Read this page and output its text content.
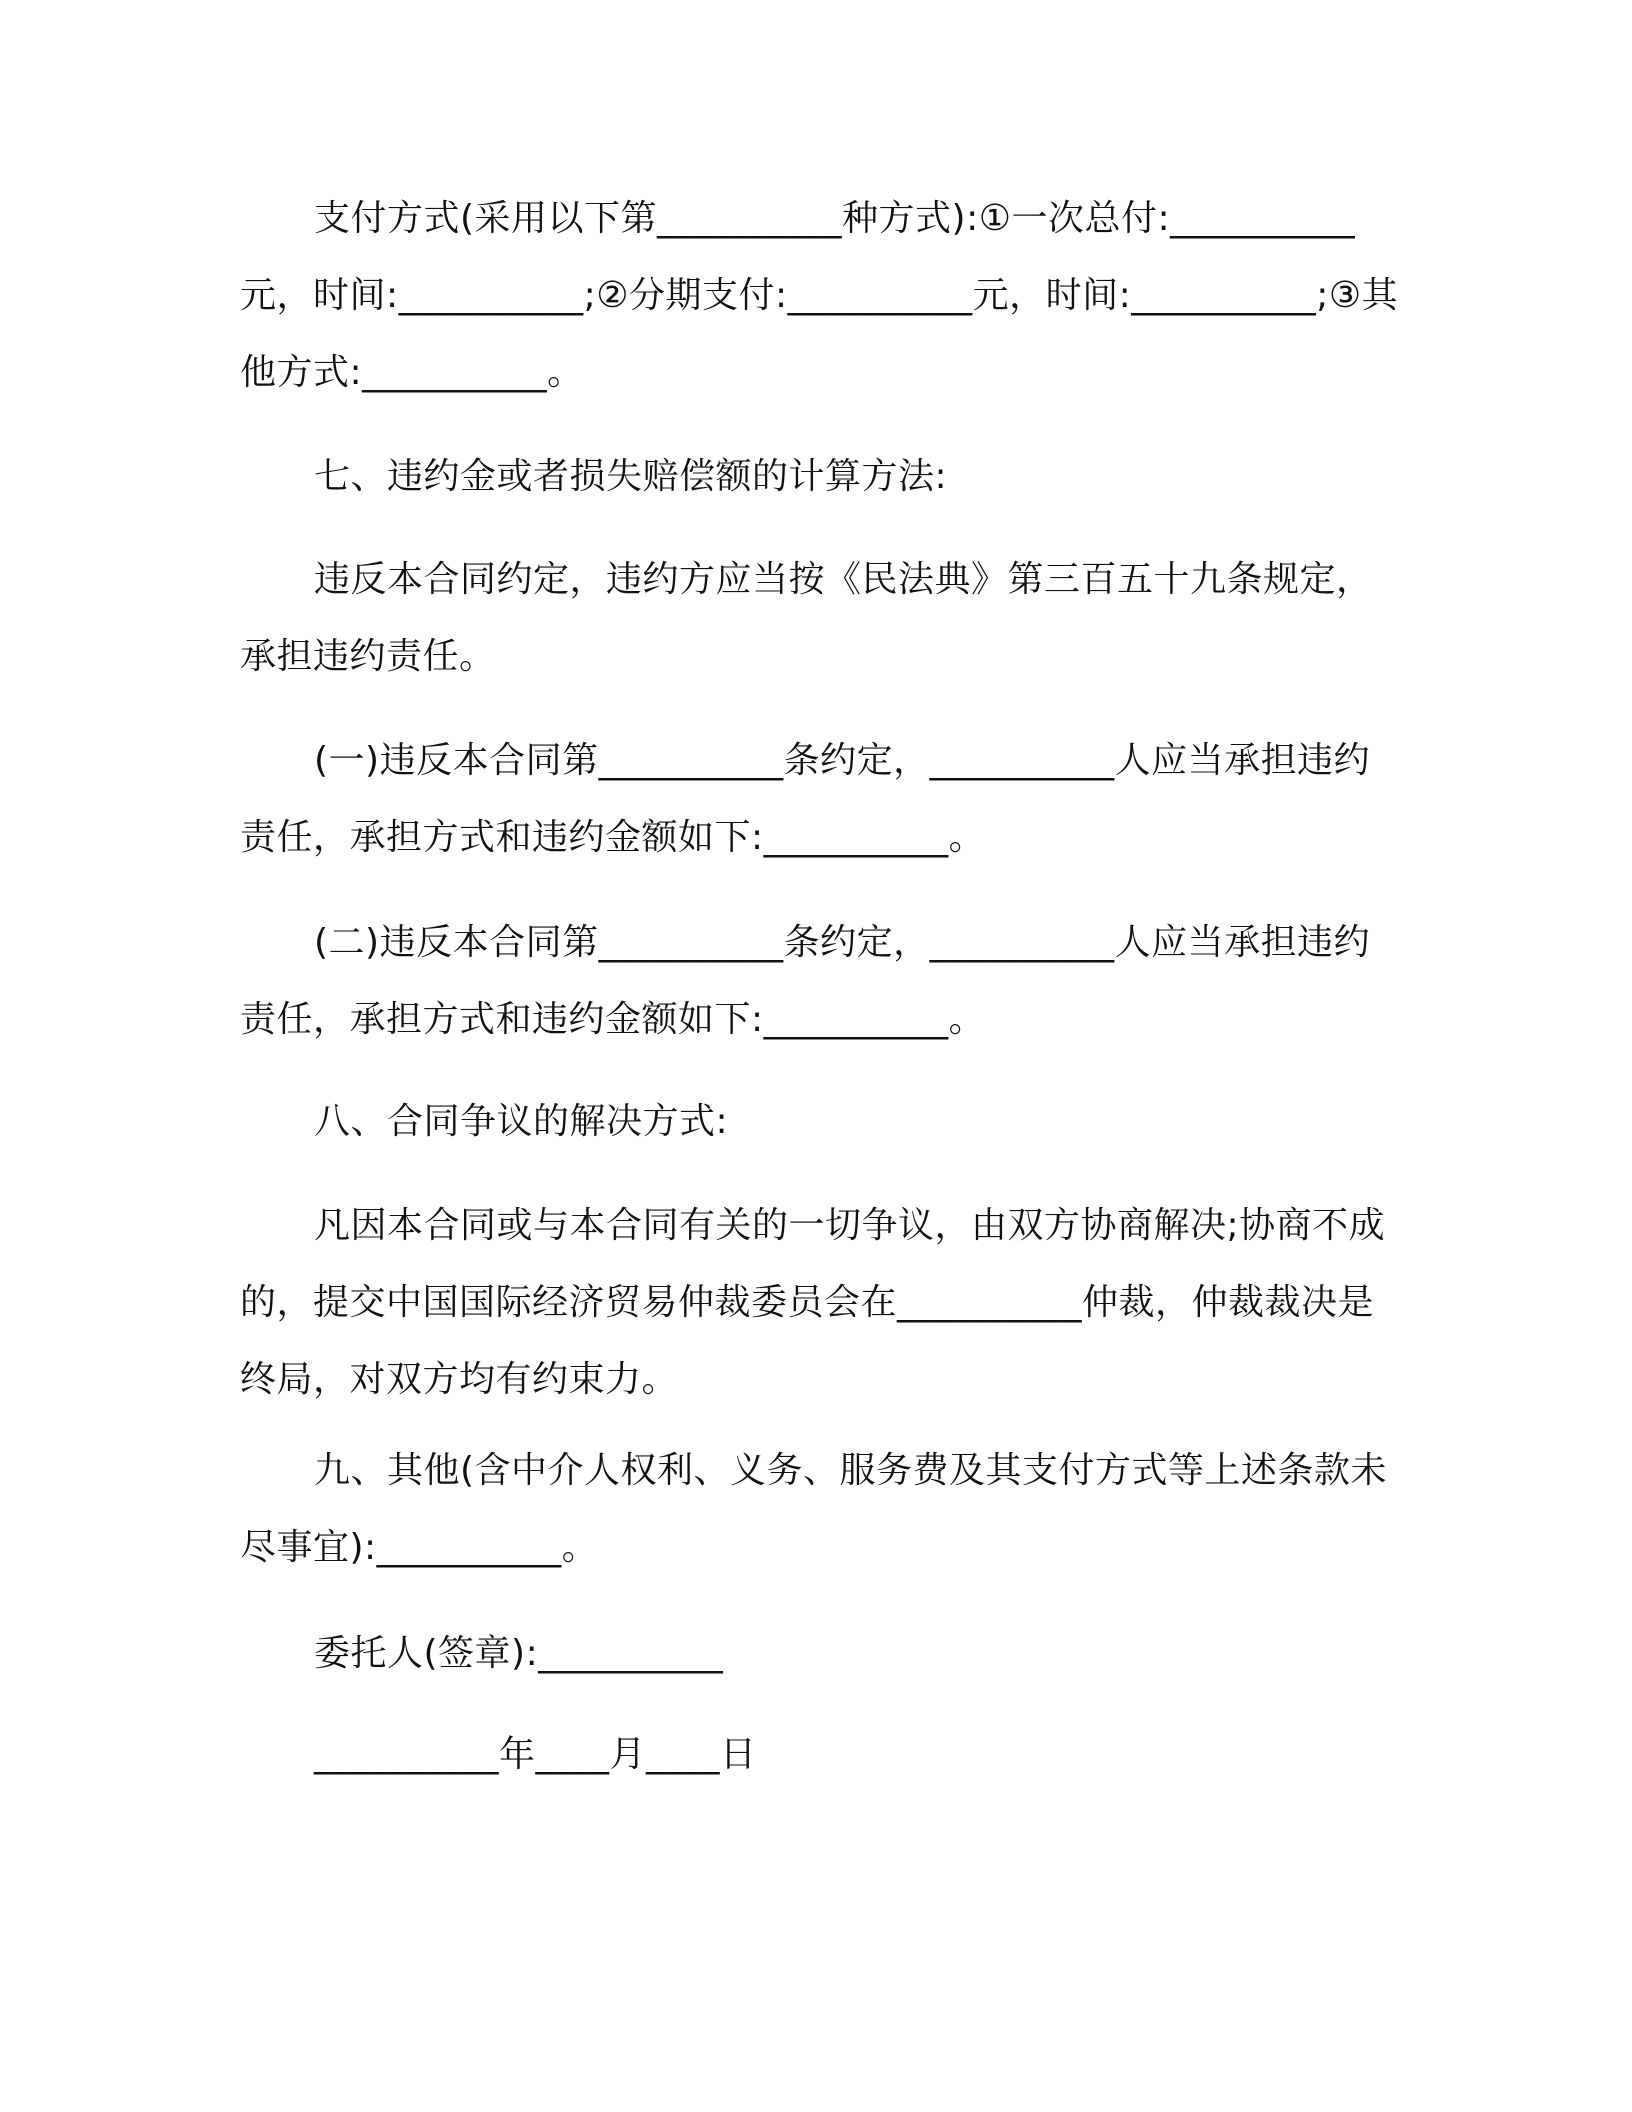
支付方式(采用以下第__________种方式):①一次总付:__________元，时间:__________;②分期支付:__________元，时间:__________;③其他方式:__________。

七、违约金或者损失赔偿额的计算方法:

违反本合同约定，违约方应当按《民法典》第三百五十九条规定，承担违约责任。

(一)违反本合同第__________条约定，__________人应当承担违约责任，承担方式和违约金额如下:__________。

(二)违反本合同第__________条约定，__________人应当承担违约责任，承担方式和违约金额如下:__________。

八、合同争议的解决方式:

凡因本合同或与本合同有关的一切争议，由双方协商解决;协商不成的，提交中国国际经济贸易仲裁委员会在__________仲裁，仲裁裁决是终局，对双方均有约束力。

九、其他(含中介人权利、义务、服务费及其支付方式等上述条款未尽事宜):__________。

委托人(签章):__________

__________年____月____日
